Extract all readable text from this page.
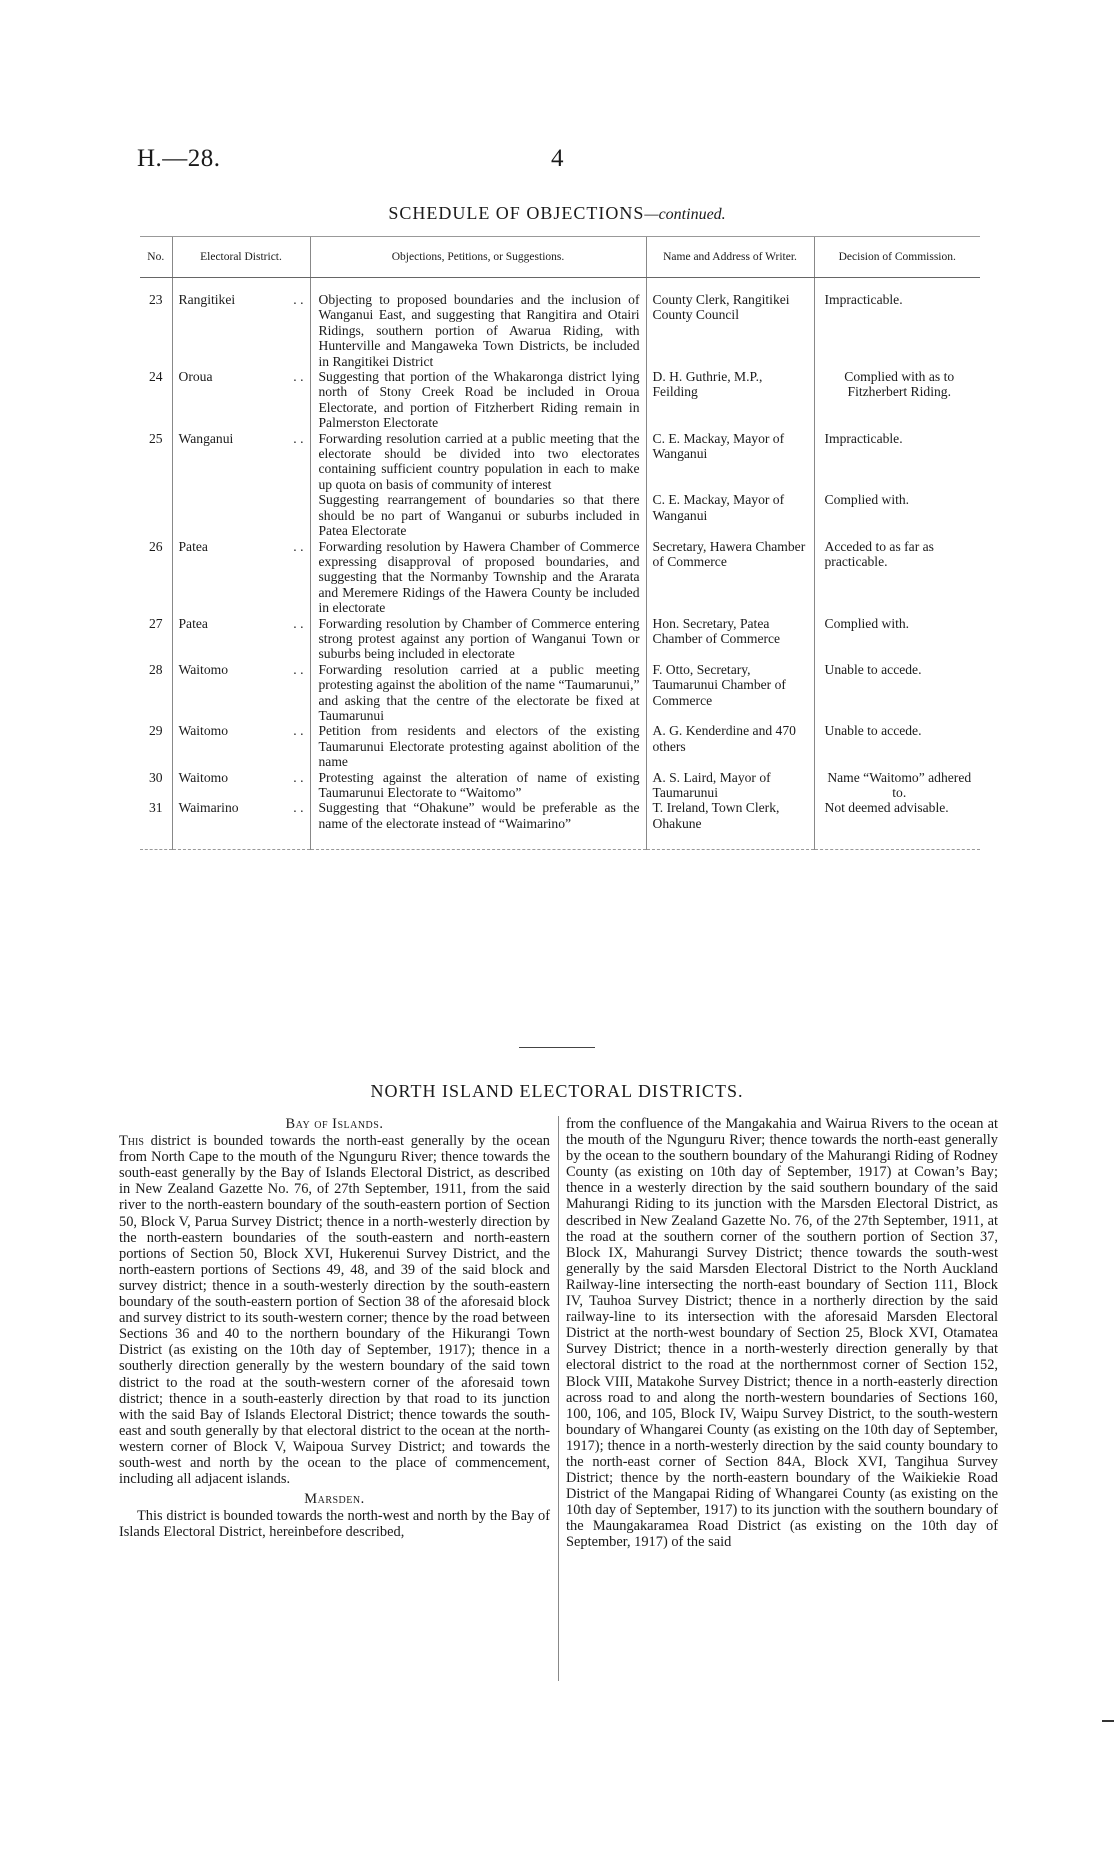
H.—28.	4
SCHEDULE OF OBJECTIONS—continued.
No.	Electoral District.	Objections, Petitions, or Suggestions.	Name and Address of Writer.	Decision of Commission.
23	Rangitikei . .	Objecting to proposed boundaries and the inclusion of Wanganui East, and suggesting that Rangitira and Otairi Ridings, southern portion of Awarua Riding, with Hunterville and Mangaweka Town Districts, be included in Rangitikei District	County Clerk, Rangitikei County Council	Impracticable.
24	Oroua . .	Suggesting that portion of the Whakaronga district lying north of Stony Creek Road be included in Oroua Electorate, and portion of Fitzherbert Riding remain in Palmerston Electorate	D. H. Guthrie, M.P., Feilding	Complied with as to Fitzherbert Riding.
25	Wanganui . .	Forwarding resolution carried at a public meeting that the electorate should be divided into two electorates containing sufficient country population in each to make up quota on basis of community of interest	C. E. Mackay, Mayor of Wanganui	Impracticable.
		Suggesting rearrangement of boundaries so that there should be no part of Wanganui or suburbs included in Patea Electorate	C. E. Mackay, Mayor of Wanganui	Complied with.
26	Patea . .	Forwarding resolution by Hawera Chamber of Commerce expressing disapproval of proposed boundaries, and suggesting that the Normanby Township and the Ararata and Meremere Ridings of the Hawera County be included in electorate	Secretary, Hawera Chamber of Commerce	Acceded to as far as practicable.
27	Patea . .	Forwarding resolution by Chamber of Commerce entering strong protest against any portion of Wanganui Town or suburbs being included in electorate	Hon. Secretary, Patea Chamber of Commerce	Complied with.
28	Waitomo . .	Forwarding resolution carried at a public meeting protesting against the abolition of the name “Taumarunui,” and asking that the centre of the electorate be fixed at Taumarunui	F. Otto, Secretary, Taumarunui Chamber of Commerce	Unable to accede.
29	Waitomo . .	Petition from residents and electors of the existing Taumarunui Electorate protesting against abolition of the name	A. G. Kenderdine and 470 others	Unable to accede.
30	Waitomo . .	Protesting against the alteration of name of existing Taumarunui Electorate to “Waitomo”	A. S. Laird, Mayor of Taumarunui	Name “Waitomo” adhered to.
31	Waimarino . .	Suggesting that “Ohakune” would be preferable as the name of the electorate instead of “Waimarino”	T. Ireland, Town Clerk, Ohakune	Not deemed advisable.
NORTH ISLAND ELECTORAL DISTRICTS.

Bay of Islands.

This district is bounded towards the north-east generally by the ocean from North Cape to the mouth of the Ngunguru River; thence towards the south-east generally by the Bay of Islands Electoral District, as described in New Zealand Gazette No. 76, of 27th September, 1911, from the said river to the north-eastern boundary of the south-eastern portion of Section 50, Block V, Parua Survey District; thence in a north-westerly direction by the north-eastern boundaries of the south-eastern and north-eastern portions of Section 50, Block XVI, Hukerenui Survey District, and the north-eastern portions of Sections 49, 48, and 39 of the said block and survey district; thence in a south-westerly direction by the south-eastern boundary of the south-eastern portion of Section 38 of the aforesaid block and survey district to its south-western corner; thence by the road between Sections 36 and 40 to the northern boundary of the Hikurangi Town District (as existing on the 10th day of September, 1917); thence in a southerly direction generally by the western boundary of the said town district to the road at the south-western corner of the aforesaid town district; thence in a south-easterly direction by that road to its junction with the said Bay of Islands Electoral District; thence towards the south-east and south generally by that electoral district to the ocean at the north-western corner of Block V, Waipoua Survey District; and towards the south-west and north by the ocean to the place of commencement, including all adjacent islands.

Marsden.

This district is bounded towards the north-west and north by the Bay of Islands Electoral District, hereinbefore described,

from the confluence of the Mangakahia and Wairua Rivers to the ocean at the mouth of the Ngunguru River; thence towards the north-east generally by the ocean to the southern boundary of the Mahurangi Riding of Rodney County (as existing on 10th day of September, 1917) at Cowan’s Bay; thence in a westerly direction by the said southern boundary of the said Mahurangi Riding to its junction with the Marsden Electoral District, as described in New Zealand Gazette No. 76, of the 27th September, 1911, at the road at the southern corner of the southern portion of Section 37, Block IX, Mahurangi Survey District; thence towards the south-west generally by the said Marsden Electoral District to the North Auckland Railway-line intersecting the north-east boundary of Section 111, Block IV, Tauhoa Survey District; thence in a northerly direction by the said railway-line to its intersection with the aforesaid Marsden Electoral District at the north-west boundary of Section 25, Block XVI, Otamatea Survey District; thence in a north-westerly direction generally by that electoral district to the road at the northernmost corner of Section 152, Block VIII, Matakohe Survey District; thence in a north-easterly direction across road to and along the north-western boundaries of Sections 160, 100, 106, and 105, Block IV, Waipu Survey District, to the south-western boundary of Whangarei County (as existing on the 10th day of September, 1917); thence in a north-westerly direction by the said county boundary to the north-east corner of Section 84A, Block XVI, Tangihua Survey District; thence by the north-eastern boundary of the Waikiekie Road District of the Mangapai Riding of Whangarei County (as existing on the 10th day of September, 1917) to its junction with the southern boundary of the Maungakaramea Road District (as existing on the 10th day of September, 1917) of the said
